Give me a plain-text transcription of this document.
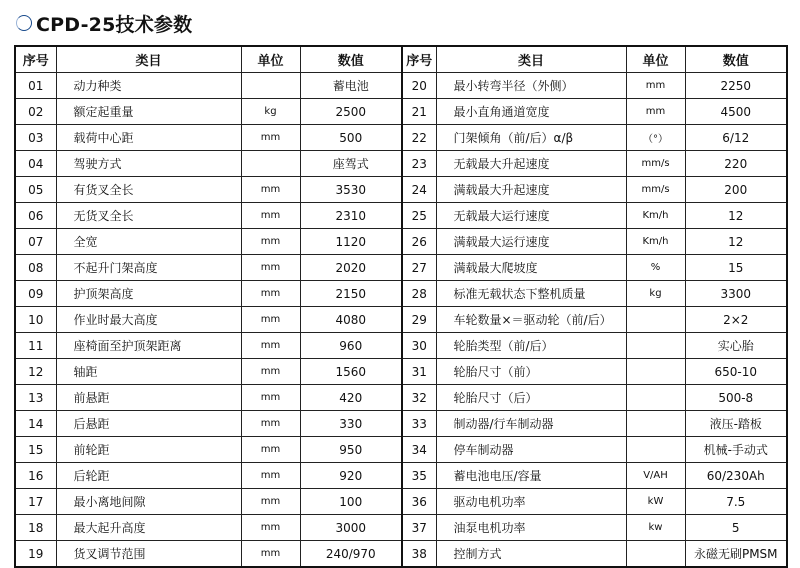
CPD-25技术参数
序号	类目	单位	数值	序号	类目	单位	数值
01	动力种类		蓄电池	20	最小转弯半径（外侧）	mm	2250
02	额定起重量	kg	2500	21	最小直角通道宽度	mm	4500
03	载荷中心距	mm	500	22	门架倾角（前/后）α/β	（°）	6/12
04	驾驶方式		座驾式	23	无载最大升起速度	mm/s	220
05	有货叉全长	mm	3530	24	满载最大升起速度	mm/s	200
06	无货叉全长	mm	2310	25	无载最大运行速度	Km/h	12
07	全宽	mm	1120	26	满载最大运行速度	Km/h	12
08	不起升门架高度	mm	2020	27	满载最大爬坡度	%	15
09	护顶架高度	mm	2150	28	标准无载状态下整机质量	kg	3300
10	作业时最大高度	mm	4080	29	车轮数量×＝驱动轮（前/后）		2×2
11	座椅面至护顶架距离	mm	960	30	轮胎类型（前/后）		实心胎
12	轴距	mm	1560	31	轮胎尺寸（前）		650-10
13	前悬距	mm	420	32	轮胎尺寸（后）		500-8
14	后悬距	mm	330	33	制动器/行车制动器		液压-踏板
15	前轮距	mm	950	34	停车制动器		机械-手动式
16	后轮距	mm	920	35	蓄电池电压/容量	V/AH	60/230Ah
17	最小离地间隙	mm	100	36	驱动电机功率	kW	7.5
18	最大起升高度	mm	3000	37	油泵电机功率	kw	5
19	货叉调节范围	mm	240/970	38	控制方式		永磁无刷PMSM
